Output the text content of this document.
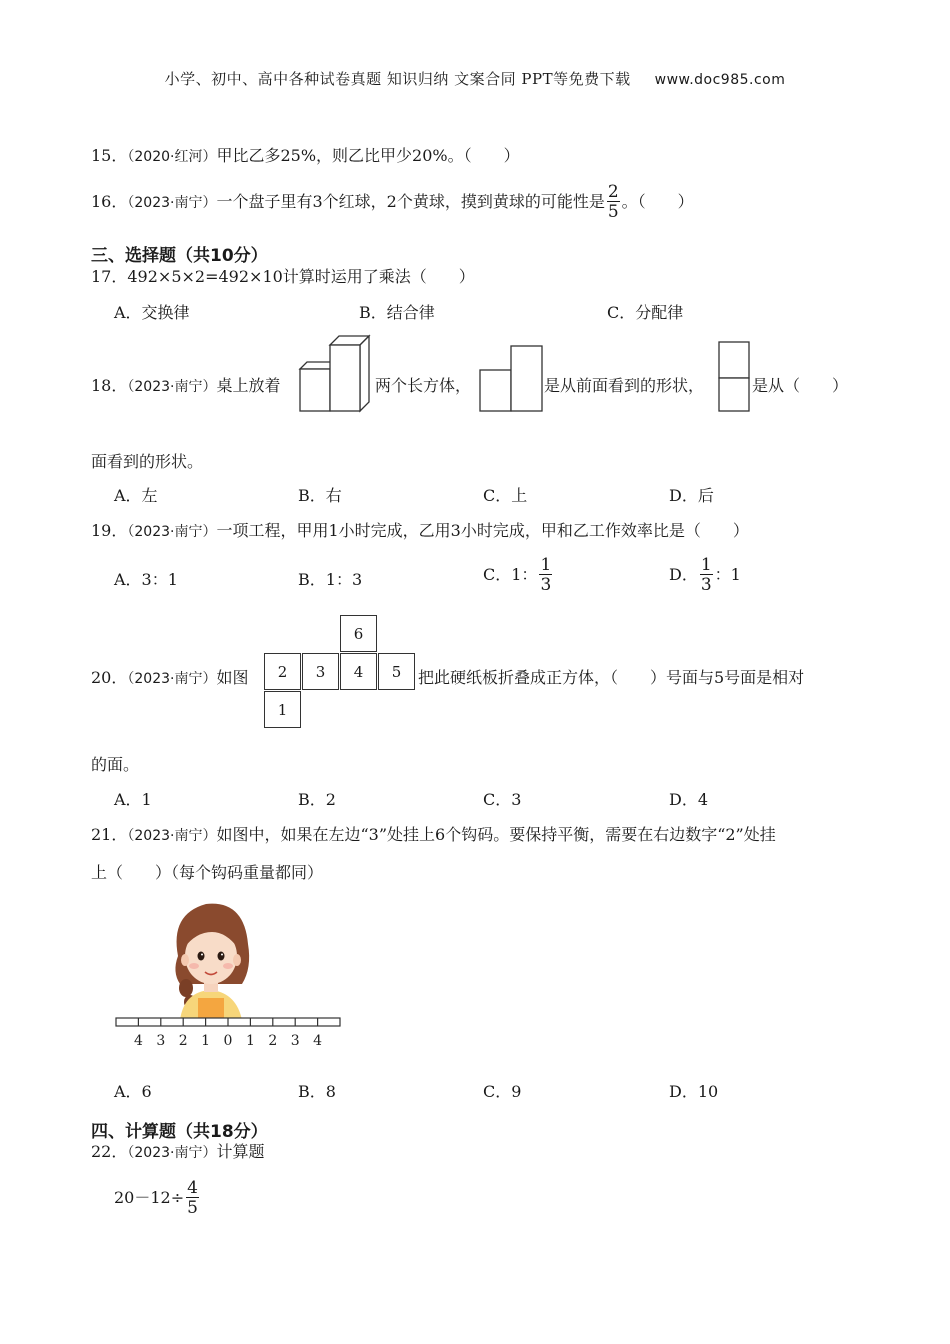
小学、初中、高中各种试卷真题 知识归纳 文案合同 PPT等免费下载 www.doc985.com
15．（2020·红河）甲比乙多25%，则乙比甲少20%。（　　）
16．（2023·南宁）一个盘子里有3个红球，2个黄球，摸到黄球的可能性是 $\frac{2}{5}$ 。（　　）
三、选择题（共10分）
17．492×5×2=492×10计算时运用了乘法（　　）
A．交换律	B．结合律	C．分配律
18．（2023·南宁）桌上放着	两个长方体，	是从前面看到的形状，	是从（　　）
面看到的形状。
A．左	B．右	C．上	D．后
19．（2023·南宁）一项工程，甲用1小时完成，乙用3小时完成，甲和乙工作效率比是（　　）
A．3：1	B．1：3	C．1： $\frac{1}{3}$	D． $\frac{1}{3}$ ：1
20．（2023·南宁）如图
6
2	3	4	5
1
把此硬纸板折叠成正方体，（　　）号面与5号面是相对
的面。
A．1	B．2	C．3	D．4
21．（2023·南宁）如图中，如果在左边“3”处挂上6个钩码。要保持平衡，需要在右边数字“2”处挂
上（　　）（每个钩码重量都同）
4 3 2 1 0 1 2 3 4
A．6	B．8	C．9	D．10
四、计算题（共18分）
22．（2023·南宁）计算题
$20-12\div \frac{4}{5}$
